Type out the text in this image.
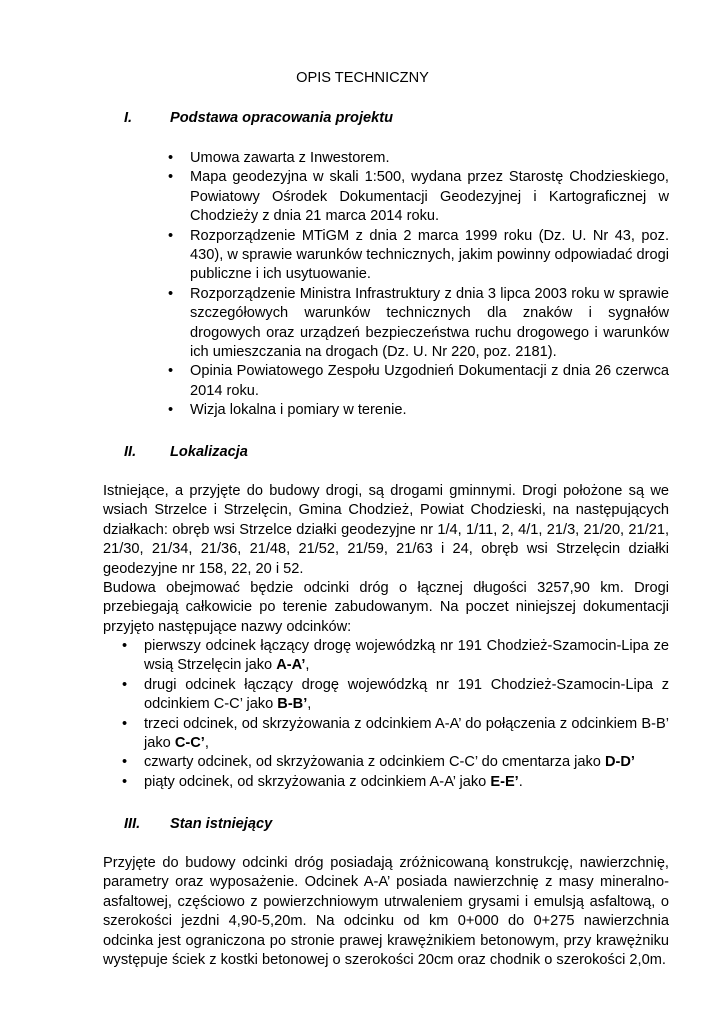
OPIS TECHNICZNY
I.	Podstawa opracowania projektu
• Umowa zawarta z Inwestorem.
• Mapa geodezyjna w skali 1:500, wydana przez Starostę Chodzieskiego, Powiatowy Ośrodek Dokumentacji Geodezyjnej i Kartograficznej w Chodzieży z dnia 21 marca 2014 roku.
• Rozporządzenie MTiGM z dnia 2 marca 1999 roku (Dz. U. Nr 43, poz. 430), w sprawie warunków technicznych, jakim powinny odpowiadać drogi publiczne i ich usytuowanie.
• Rozporządzenie Ministra Infrastruktury z dnia 3 lipca 2003 roku w sprawie szczegółowych warunków technicznych dla znaków i sygnałów drogowych oraz urządzeń bezpieczeństwa ruchu drogowego i warunków ich umieszczania na drogach (Dz. U. Nr 220, poz. 2181).
• Opinia Powiatowego Zespołu Uzgodnień Dokumentacji z dnia 26 czerwca 2014 roku.
• Wizja lokalna i pomiary w terenie.
II. Lokalizacja

Istniejące, a przyjęte do budowy drogi, są drogami gminnymi. Drogi położone są we wsiach Strzelce i Strzelęcin, Gmina Chodzież, Powiat Chodzieski, na następujących działkach: obręb wsi Strzelce działki geodezyjne nr 1/4, 1/11, 2, 4/1, 21/3, 21/20, 21/21, 21/30, 21/34, 21/36, 21/48, 21/52, 21/59, 21/63 i 24, obręb wsi Strzelęcin działki geodezyjne nr 158, 22, 20 i 52.

Budowa obejmować będzie odcinki dróg o łącznej długości 3257,90 km. Drogi przebiegają całkowicie po terenie zabudowanym. Na poczet niniejszej dokumentacji przyjęto następujące nazwy odcinków:

• pierwszy odcinek łączący drogę wojewódzką nr 191 Chodzież-Szamocin-Lipa ze wsią Strzelęcin jako A-A’,
• drugi odcinek łączący drogę wojewódzką nr 191 Chodzież-Szamocin-Lipa z odcinkiem C-C’ jako B-B’,
• trzeci odcinek, od skrzyżowania z odcinkiem A-A’ do połączenia z odcinkiem B-B’ jako C-C’,
• czwarty odcinek, od skrzyżowania z odcinkiem C-C’ do cmentarza jako D-D’
• piąty odcinek, od skrzyżowania z odcinkiem A-A’ jako E-E’.
III. Stan istniejący

Przyjęte do budowy odcinki dróg posiadają zróżnicowaną konstrukcję, nawierzchnię, parametry oraz wyposażenie. Odcinek A-A’ posiada nawierzchnię z masy mineralno-asfaltowej, częściowo z powierzchniowym utrwaleniem grysami i emulsją asfaltową, o szerokości jezdni 4,90-5,20m. Na odcinku od km 0+000 do 0+275 nawierzchnia odcinka jest ograniczona po stronie prawej krawężnikiem betonowym, przy krawężniku występuje ściek z kostki betonowej o szerokości 20cm oraz chodnik o szerokości 2,0m.
